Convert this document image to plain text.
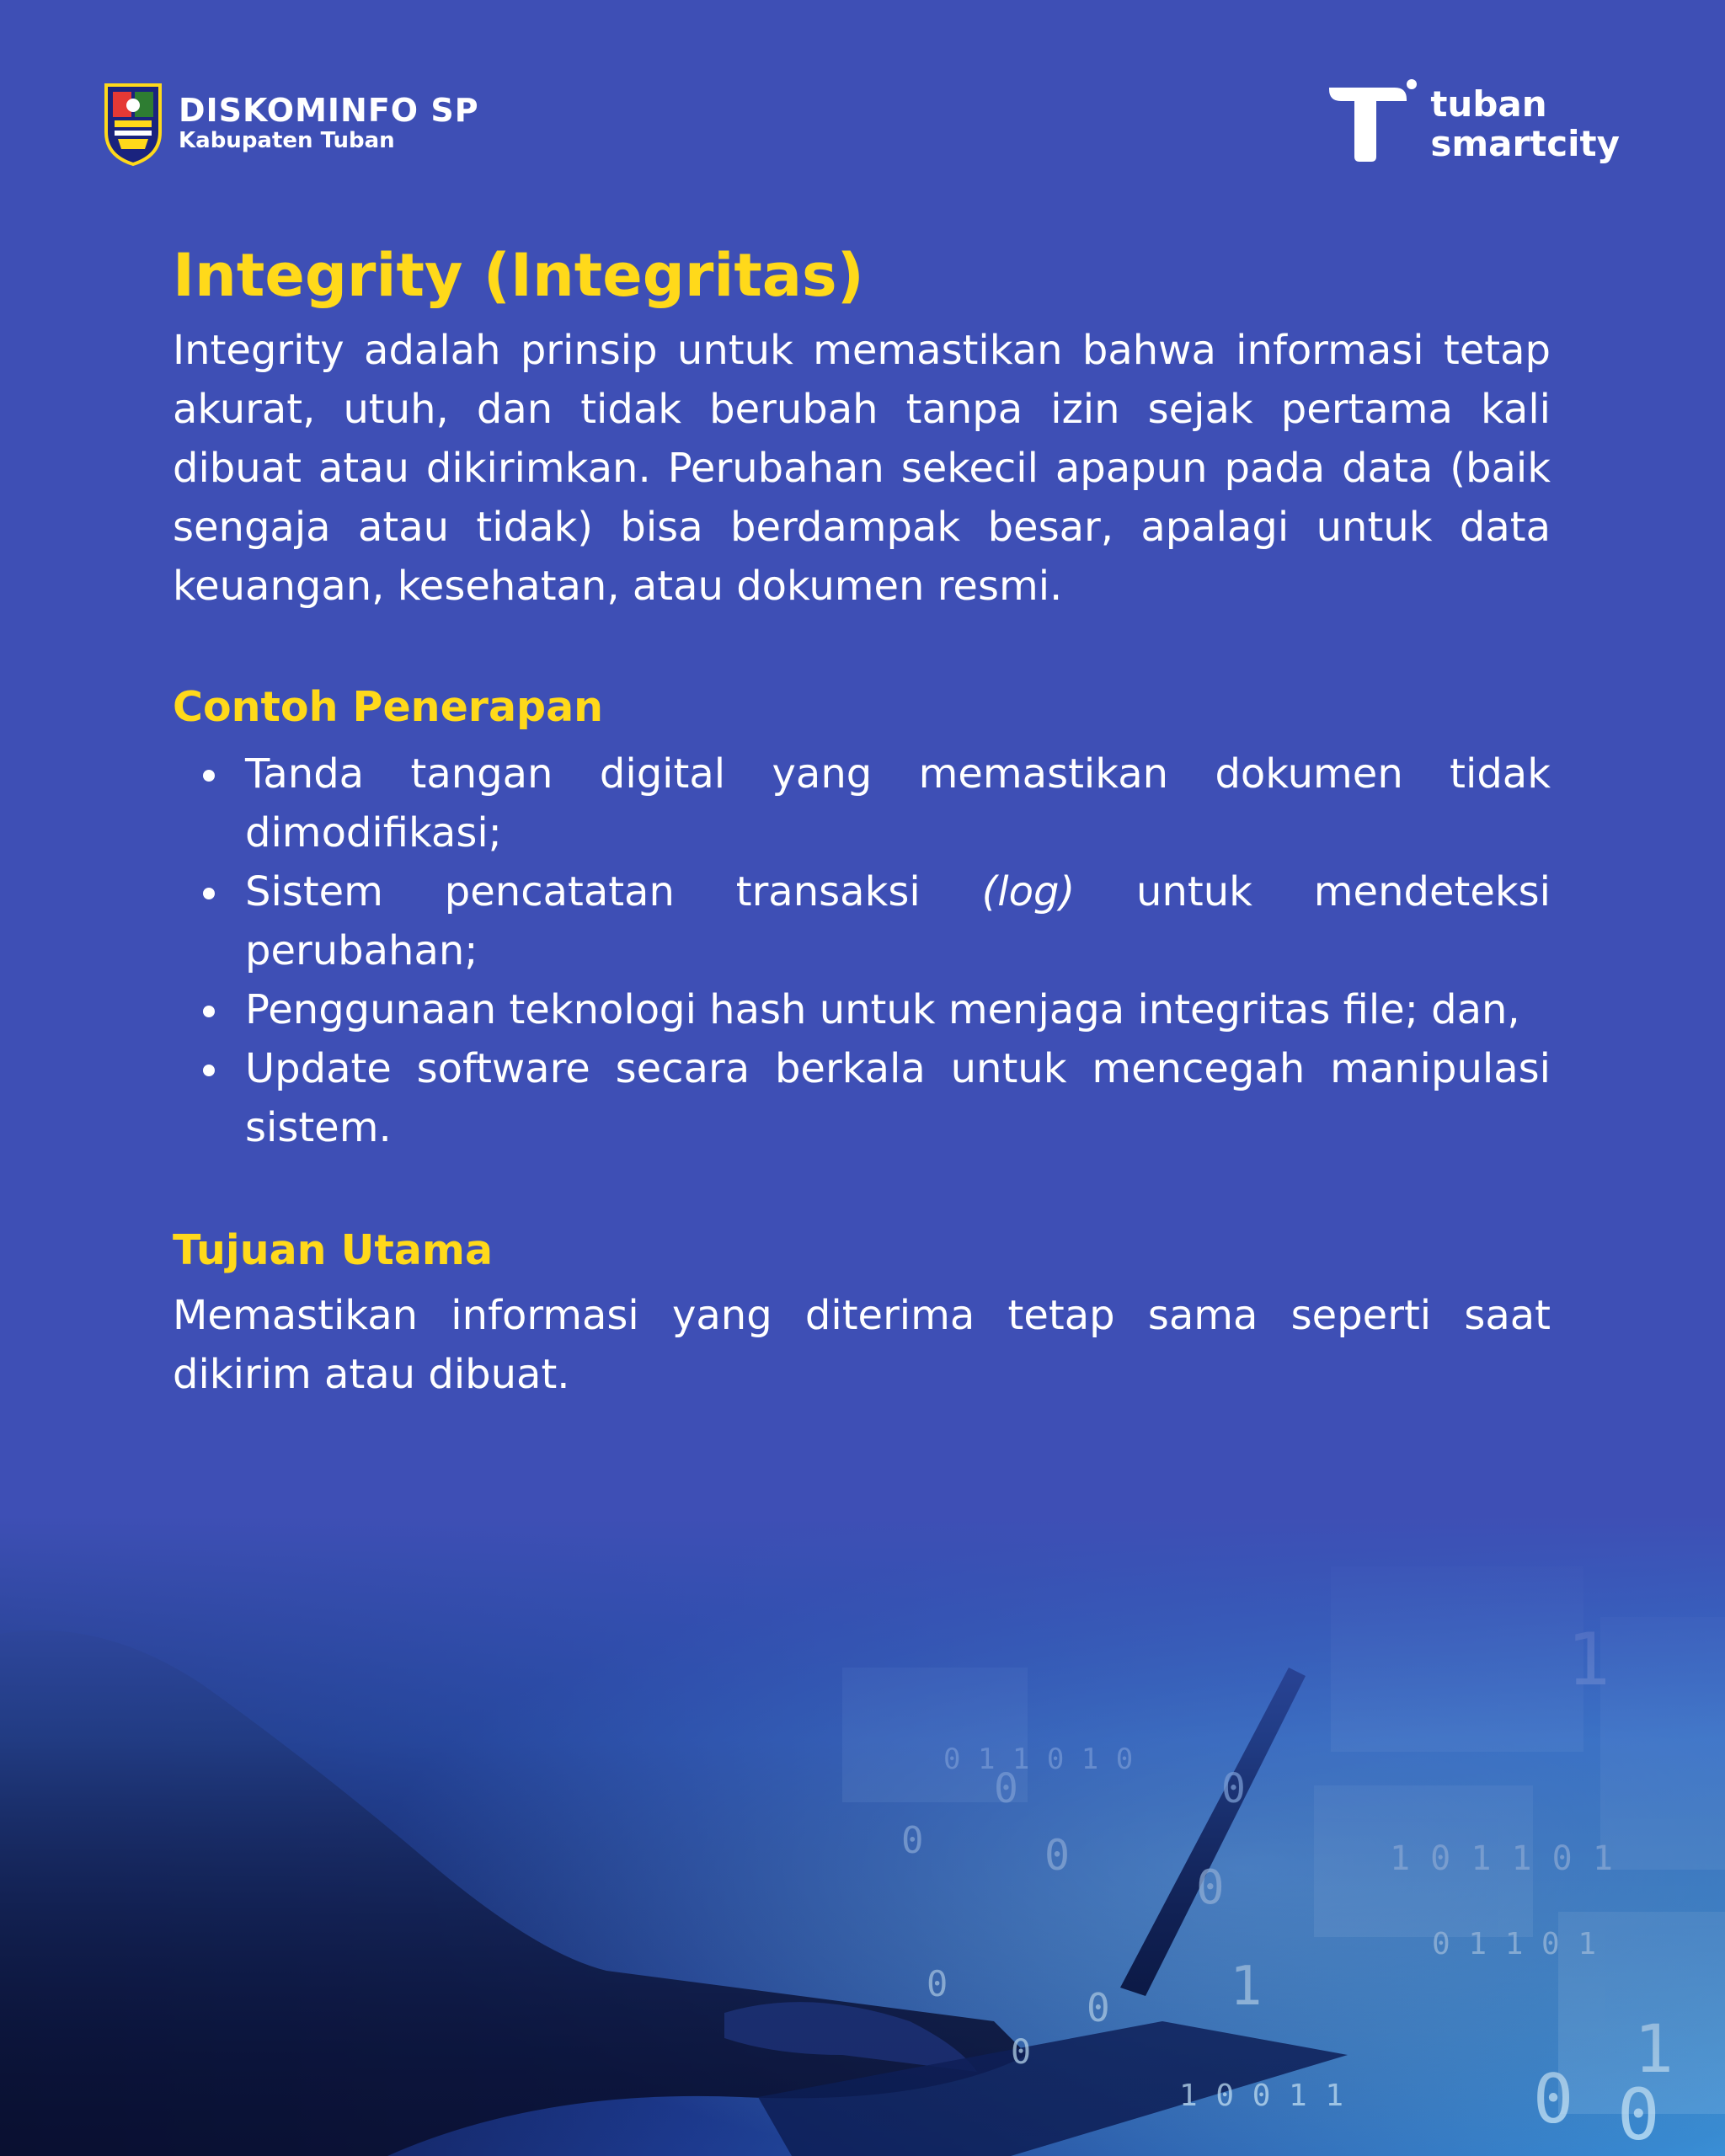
DISKOMINFO SP
Kabupaten Tuban
tuban
smartcity
Integrity (Integritas)

Integrity adalah prinsip untuk memastikan bahwa informasi tetap akurat, utuh, dan tidak berubah tanpa izin sejak pertama kali dibuat atau dikirimkan. Perubahan sekecil apapun pada data (baik sengaja atau tidak) bisa berdampak besar, apalagi untuk data keuangan, kesehatan, atau dokumen resmi.

Contoh Penerapan
Tanda tangan digital yang memastikan dokumen tidak dimodifikasi;
Sistem pencatatan transaksi (log) untuk mendeteksi perubahan;
Penggunaan teknologi hash untuk menjaga integritas file; dan,
Update software secara berkala untuk mencegah manipulasi sistem.
Tujuan Utama

Memastikan informasi yang diterima tetap sama seperti saat dikirim atau dibuat.
